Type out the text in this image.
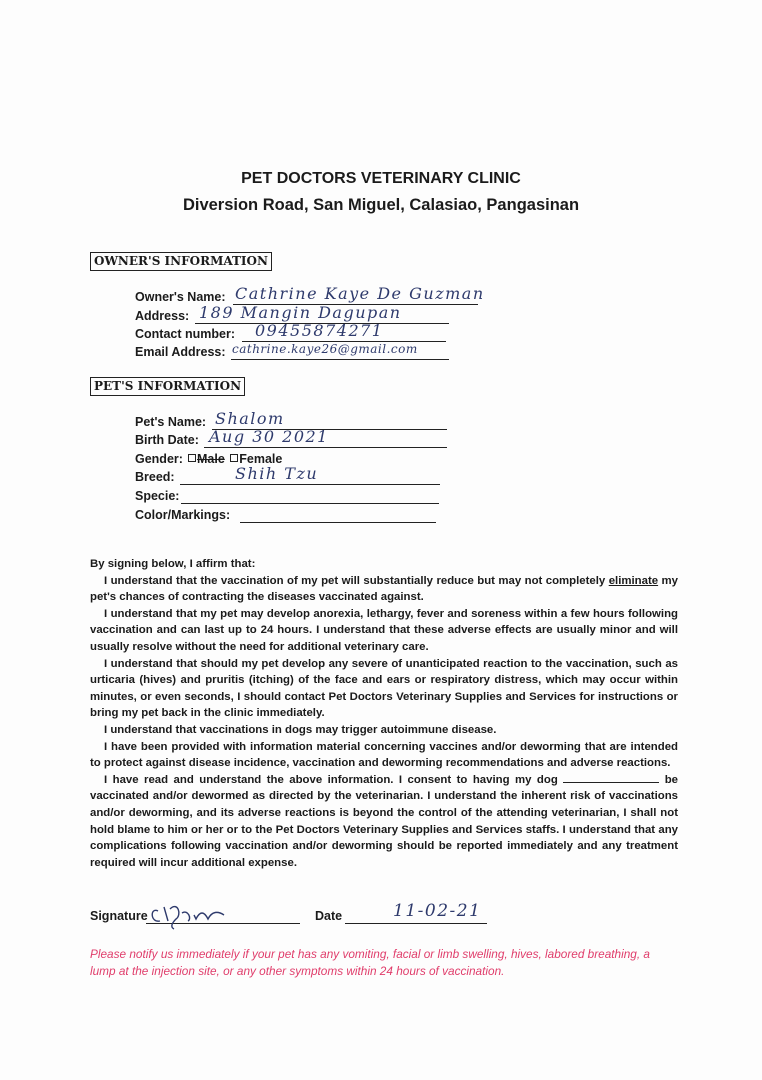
PET DOCTORS VETERINARY CLINIC
Diversion Road, San Miguel, Calasiao, Pangasinan
OWNER'S INFORMATION
Owner's Name: Cathrine Kaye De Guzman
Address: 189 Mangin Dagupan
Contact number: 09455874271
Email Address: cathrine.kaye26@gmail.com
PET'S INFORMATION
Pet's Name: Shalom
Birth Date: Aug 30 2021
Gender:	Male Female
Breed:	Shih Tzu
Specie:
Color/Markings:

By signing below, I affirm that:

I understand that the vaccination of my pet will substantially reduce but may not completely eliminate my pet's chances of contracting the diseases vaccinated against.

I understand that my pet may develop anorexia, lethargy, fever and soreness within a few hours following vaccination and can last up to 24 hours. I understand that these adverse effects are usually minor and will usually resolve without the need for additional veterinary care.

I understand that should my pet develop any severe of unanticipated reaction to the vaccination, such as urticaria (hives) and pruritis (itching) of the face and ears or respiratory distress, which may occur within minutes, or even seconds, I should contact Pet Doctors Veterinary Supplies and Services for instructions or bring my pet back in the clinic immediately.

I understand that vaccinations in dogs may trigger autoimmune disease.

I have been provided with information material concerning vaccines and/or deworming that are intended to protect against disease incidence, vaccination and deworming recommendations and adverse reactions.

I have read and understand the above information. I consent to having my dog	be vaccinated and/or dewormed as directed by the veterinarian. I understand the inherent risk of vaccinations and/or deworming, and its adverse reactions is beyond the control of the attending veterinarian, I shall not hold blame to him or her or to the Pet Doctors Veterinary Supplies and Services staffs. I understand that any complications following vaccination and/or deworming should be reported immediately and any treatment required will incur additional expense.

Signature	Date	11-02-21
Please notify us immediately if your pet has any vomiting, facial or limb swelling, hives, labored breathing, a lump at the injection site, or any other symptoms within 24 hours of vaccination.
